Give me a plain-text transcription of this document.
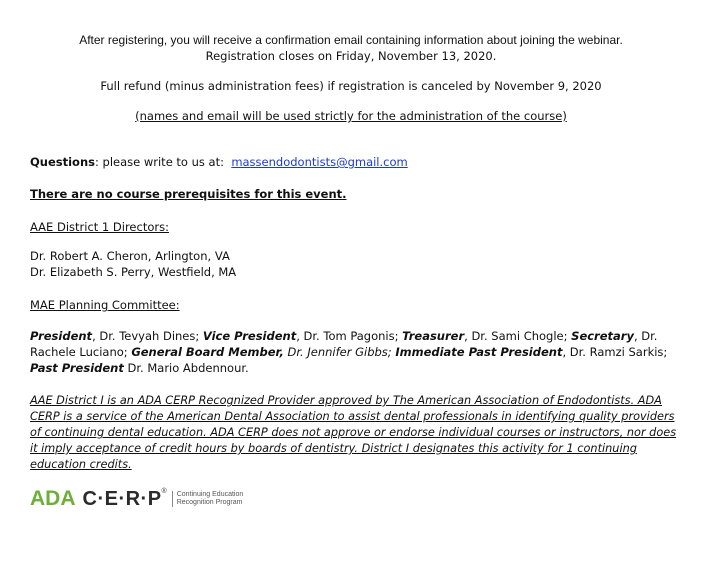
After registering, you will receive a confirmation email containing information about joining the webinar.
Registration closes on Friday, November 13, 2020.
Full refund (minus administration fees) if registration is canceled by November 9, 2020
(names and email will be used strictly for the administration of the course)
Questions: please write to us at:  massendodontists@gmail.com
There are no course prerequisites for this event.
AAE District 1 Directors:
Dr. Robert A. Cheron, Arlington, VA
Dr. Elizabeth S. Perry, Westfield, MA
MAE Planning Committee:
President, Dr. Tevyah Dines; Vice President, Dr. Tom Pagonis; Treasurer, Dr. Sami Chogle; Secretary, Dr. Rachele Luciano; General Board Member, Dr. Jennifer Gibbs; Immediate Past President, Dr. Ramzi Sarkis; Past President Dr. Mario Abdennour.
AAE District I is an ADA CERP Recognized Provider approved by The American Association of Endodontists. ADA CERP is a service of the American Dental Association to assist dental professionals in identifying quality providers of continuing dental education. ADA CERP does not approve or endorse individual courses or instructors, nor does it imply acceptance of credit hours by boards of dentistry. District I designates this activity for 1 continuing education credits.
ADA C·E·R·P ® Continuing Education
Recognition Program
